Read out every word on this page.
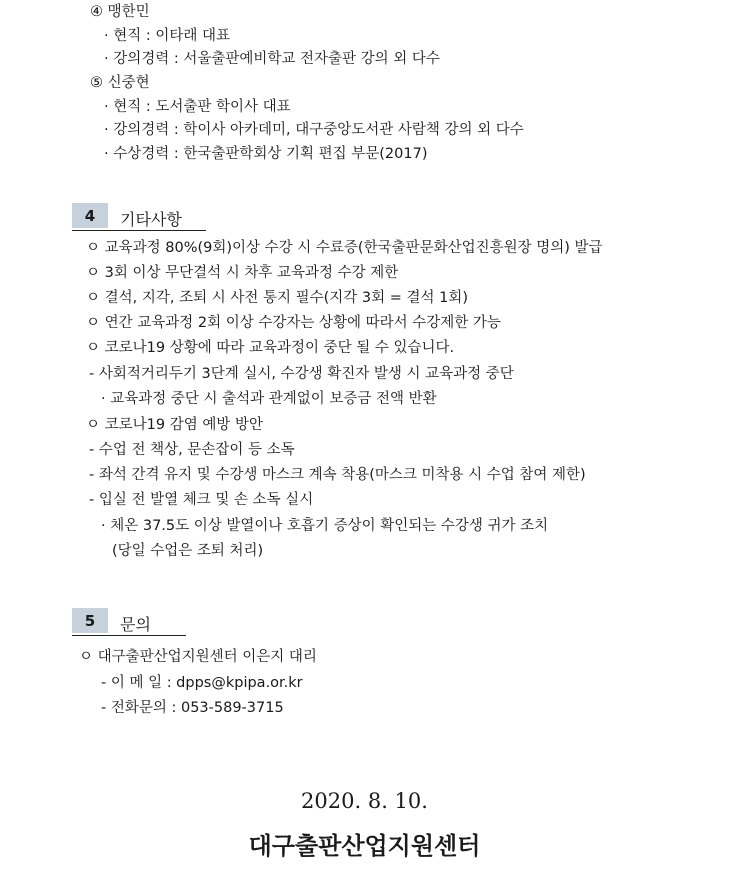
④ 맹한민
· 현직 : 이타래 대표
· 강의경력 : 서울출판예비학교 전자출판 강의 외 다수
⑤ 신중현
· 현직 : 도서출판 학이사 대표
· 강의경력 : 학이사 아카데미, 대구중앙도서관 사람책 강의 외 다수
· 수상경력 : 한국출판학회상 기획 편집 부문(2017)
4	기타사항
ㅇ 교육과정 80%(9회)이상 수강 시 수료증(한국출판문화산업진흥원장 명의) 발급
ㅇ 3회 이상 무단결석 시 차후 교육과정 수강 제한
ㅇ 결석, 지각, 조퇴 시 사전 통지 필수(지각 3회 = 결석 1회)
ㅇ 연간 교육과정 2회 이상 수강자는 상황에 따라서 수강제한 가능
ㅇ 코로나19 상황에 따라 교육과정이 중단 될 수 있습니다.
- 사회적거리두기 3단계 실시, 수강생 확진자 발생 시 교육과정 중단
· 교육과정 중단 시 출석과 관계없이 보증금 전액 반환
ㅇ 코로나19 감염 예방 방안
- 수업 전 책상, 문손잡이 등 소독
- 좌석 간격 유지 및 수강생 마스크 계속 착용(마스크 미착용 시 수업 참여 제한)
- 입실 전 발열 체크 및 손 소독 실시
· 체온 37.5도 이상 발열이나 호흡기 증상이 확인되는 수강생 귀가 조치
(당일 수업은 조퇴 처리)
5	문의
ㅇ 대구출판산업지원센터 이은지 대리
- 이 메 일 : dpps@kpipa.or.kr
- 전화문의 : 053-589-3715
2020. 8. 10.
대구출판산업지원센터
